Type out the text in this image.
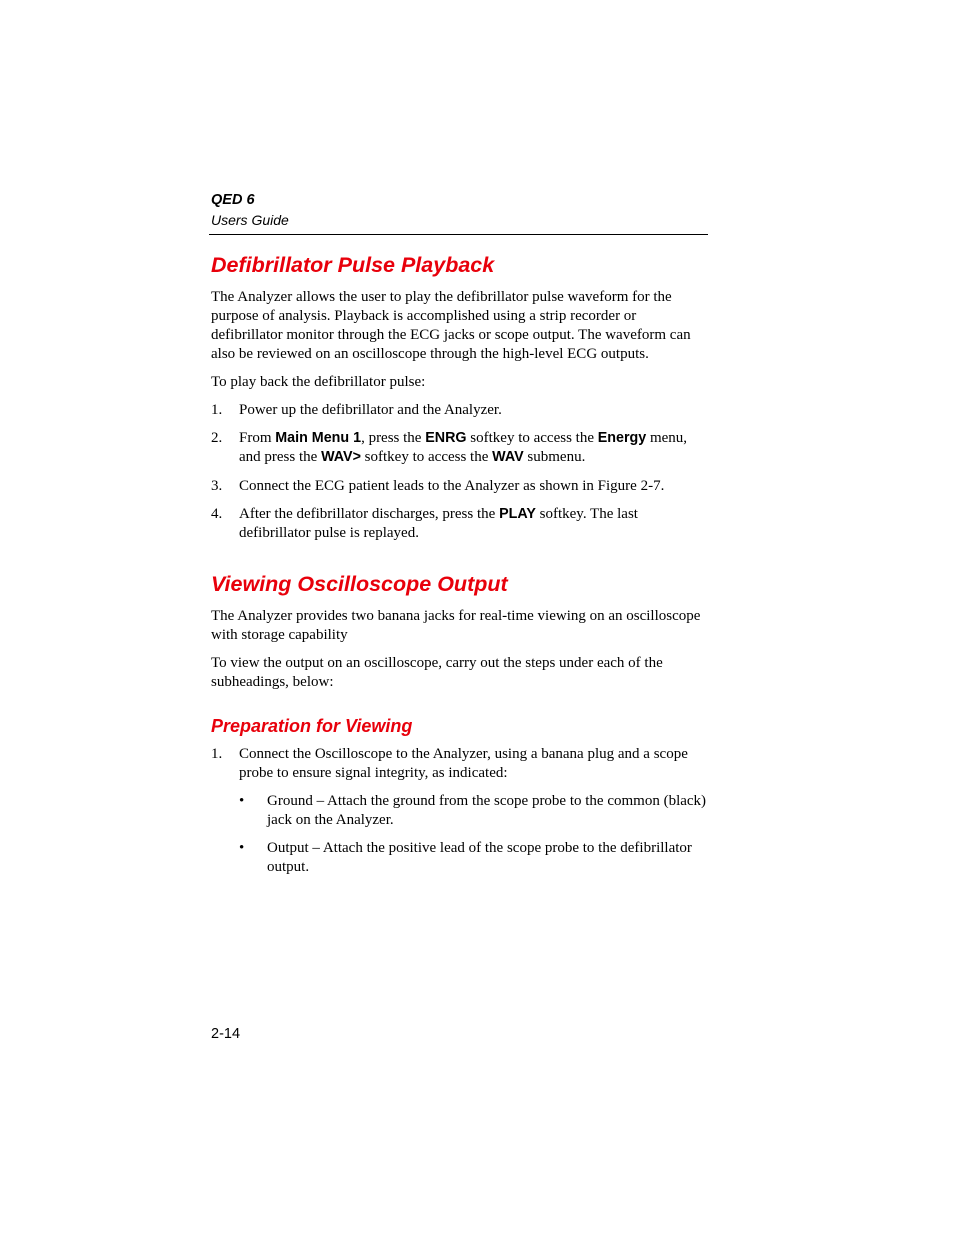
QED 6
Users Guide
Defibrillator Pulse Playback

The Analyzer allows the user to play the defibrillator pulse waveform for the purpose of analysis. Playback is accomplished using a strip recorder or defibrillator monitor through the ECG jacks or scope output. The waveform can also be reviewed on an oscilloscope through the high-level ECG outputs.

To play back the defibrillator pulse:

1. Power up the defibrillator and the Analyzer.
2. From Main Menu 1, press the ENRG softkey to access the Energy menu, and press the WAV> softkey to access the WAV submenu.
3. Connect the ECG patient leads to the Analyzer as shown in Figure 2-7.
4. After the defibrillator discharges, press the PLAY softkey. The last defibrillator pulse is replayed.
Viewing Oscilloscope Output

The Analyzer provides two banana jacks for real-time viewing on an oscilloscope with storage capability

To view the output on an oscilloscope, carry out the steps under each of the subheadings, below:

Preparation for Viewing
1. Connect the Oscilloscope to the Analyzer, using a banana plug and a scope probe to ensure signal integrity, as indicated:
• Ground – Attach the ground from the scope probe to the common (black) jack on the Analyzer.
• Output – Attach the positive lead of the scope probe to the defibrillator output.
2-14
